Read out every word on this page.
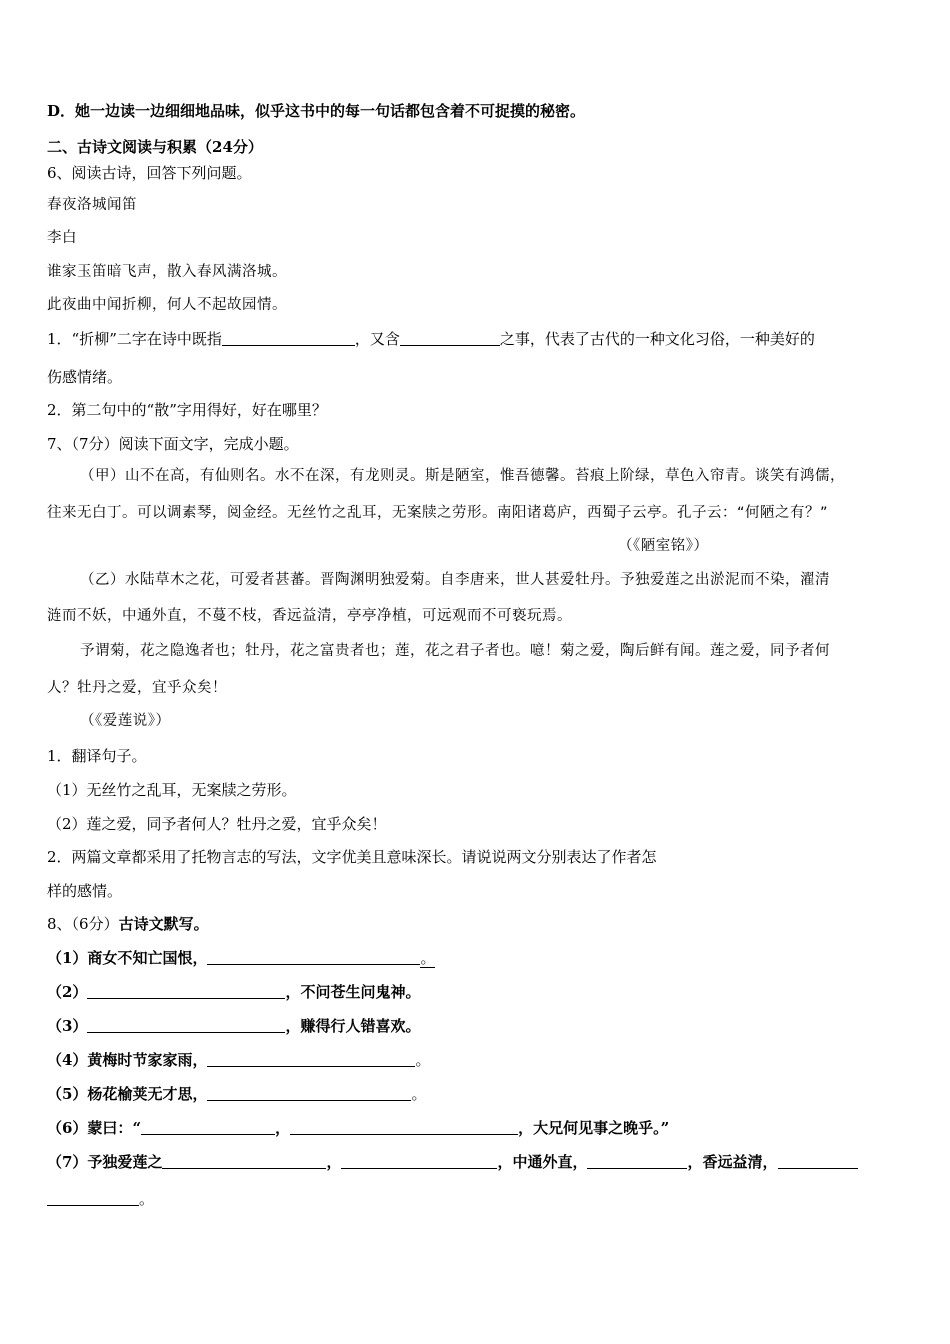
D．她一边读一边细细地品味，似乎这书中的每一句话都包含着不可捉摸的秘密。
二、古诗文阅读与积累（24分）
6、阅读古诗，回答下列问题。
春夜洛城闻笛
李白
谁家玉笛暗飞声，散入春风满洛城。
此夜曲中闻折柳，何人不起故园情。
1．“折柳”二字在诗中既指	，又含	之事，代表了古代的一种文化习俗，一种美好的
伤感情绪。
2．第二句中的“散”字用得好，好在哪里？
7、（7分）阅读下面文字，完成小题。
（甲）山不在高，有仙则名。水不在深，有龙则灵。斯是陋室，惟吾德馨。苔痕上阶绿，草色入帘青。谈笑有鸿儒，
往来无白丁。可以调素琴，阅金经。无丝竹之乱耳，无案牍之劳形。南阳诸葛庐，西蜀子云亭。孔子云：“何陋之有？”
（《陋室铭》）
（乙）水陆草木之花，可爱者甚蕃。晋陶渊明独爱菊。自李唐来，世人甚爱牡丹。予独爱莲之出淤泥而不染，濯清
涟而不妖，中通外直，不蔓不枝，香远益清，亭亭净植，可远观而不可亵玩焉。
予谓菊，花之隐逸者也；牡丹，花之富贵者也；莲，花之君子者也。噫！菊之爱，陶后鲜有闻。莲之爱，同予者何
人？牡丹之爱，宜乎众矣！
（《爱莲说》）
1．翻译句子。
（1）无丝竹之乱耳，无案牍之劳形。
（2）莲之爱，同予者何人？牡丹之爱，宜乎众矣！
2．两篇文章都采用了托物言志的写法，文字优美且意味深长。请说说两文分别表达了作者怎
样的感情。
8、（6分）古诗文默写。
（1）商女不知亡国恨，	。
（2）	，不问苍生问鬼神。
（3）	，赚得行人错喜欢。
（4）黄梅时节家家雨，	。
（5）杨花榆荚无才思，	。
（6）蒙曰：“	，	，大兄何见事之晚乎。”
（7）予独爱莲之	，	，中通外直，	，香远益清，
。
